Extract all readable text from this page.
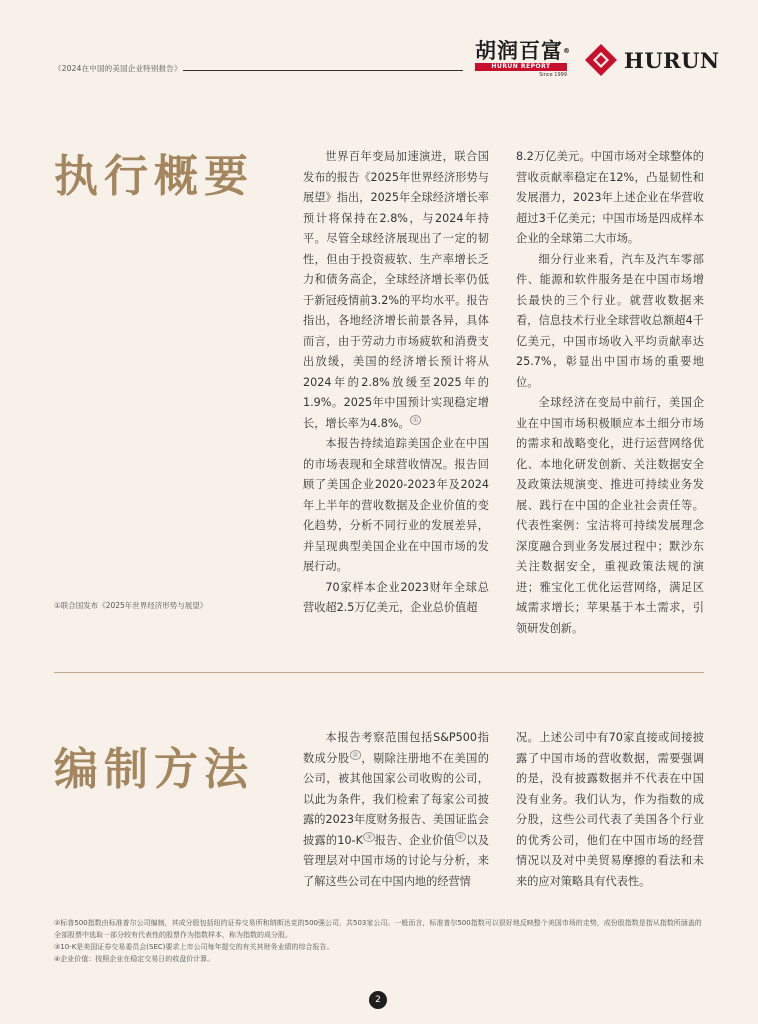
《2024在中国的美国企业特别报告》
胡润百富®
HURUN REPORT
Since 1999
HURUN
执行概要	世界百年变局加速演进，联合国发布的报告《2025年世界经济形势与展望》指出，2025年全球经济增长率预计将保持在2.8%，与2024年持平。尽管全球经济展现出了一定的韧性，但由于投资疲软、生产率增长乏力和债务高企，全球经济增长率仍低于新冠疫情前3.2%的平均水平。报告指出，各地经济增长前景各异，具体而言，由于劳动力市场疲软和消费支出放缓，美国的经济增长预计将从2024年的2.8%放缓至2025年的1.9%。2025年中国预计实现稳定增长，增长率为4.8%。 ①

本报告持续追踪美国企业在中国的市场表现和全球营收情况。报告回顾了美国企业2020-2023年及2024年上半年的营收数据及企业价值的变化趋势，分析不同行业的发展差异，并呈现典型美国企业在中国市场的发展行动。

70家样本企业2023财年全球总营收超2.5万亿美元，企业总价值超

8.2万亿美元。中国市场对全球整体的营收贡献率稳定在12%，凸显韧性和发展潜力，2023年上述企业在华营收超过3千亿美元；中国市场是四成样本企业的全球第二大市场。

细分行业来看，汽车及汽车零部件、能源和软件服务是在中国市场增长最快的三个行业。就营收数据来看，信息技术行业全球营收总额超4千亿美元，中国市场收入平均贡献率达25.7%，彰显出中国市场的重要地位。

全球经济在变局中前行，美国企业在中国市场积极顺应本土细分市场的需求和战略变化，进行运营网络优化、本地化研发创新、关注数据安全及政策法规演变、推进可持续业务发展、践行在中国的企业社会责任等。代表性案例：宝洁将可持续发展理念深度融合到业务发展过程中；默沙东关注数据安全，重视政策法规的演进；雅宝化工优化运营网络，满足区域需求增长；苹果基于本土需求，引领研发创新。

①联合国发布《2025年世界经济形势与展望》
编制方法

本报告考察范围包括S&P500指数成分股 ② ，剔除注册地不在美国的公司，被其他国家公司收购的公司，以此为条件，我们检索了每家公司披露的2023年度财务报告、美国证监会披露的10-K ③ 报告、企业价值 ④ 以及管理层对中国市场的讨论与分析，来了解这些公司在中国内地的经营情

况。上述公司中有70家直接或间接披露了中国市场的营收数据，需要强调的是，没有披露数据并不代表在中国没有业务。我们认为，作为指数的成分股，这些公司代表了美国各个行业的优秀公司，他们在中国市场的经营情况以及对中美贸易摩擦的看法和未来的应对策略具有代表性。

②标普500指数由标准普尔公司编制，其成分股包括纽约证券交易所和纳斯达克的500强公司，共503家公司。一般而言，标准普尔500指数可以很好地反映整个美国市场的走势，成份股指数是指从指数所涵盖的全部股票中选取一部分较有代表性的股票作为指数样本，称为指数的成分股。

③10-K是美国证券交易委员会(SEC)要求上市公司每年提交的有关其财务业绩的综合报告。

④企业价值：按照企业在稳定交易日的收盘价计算。

2
